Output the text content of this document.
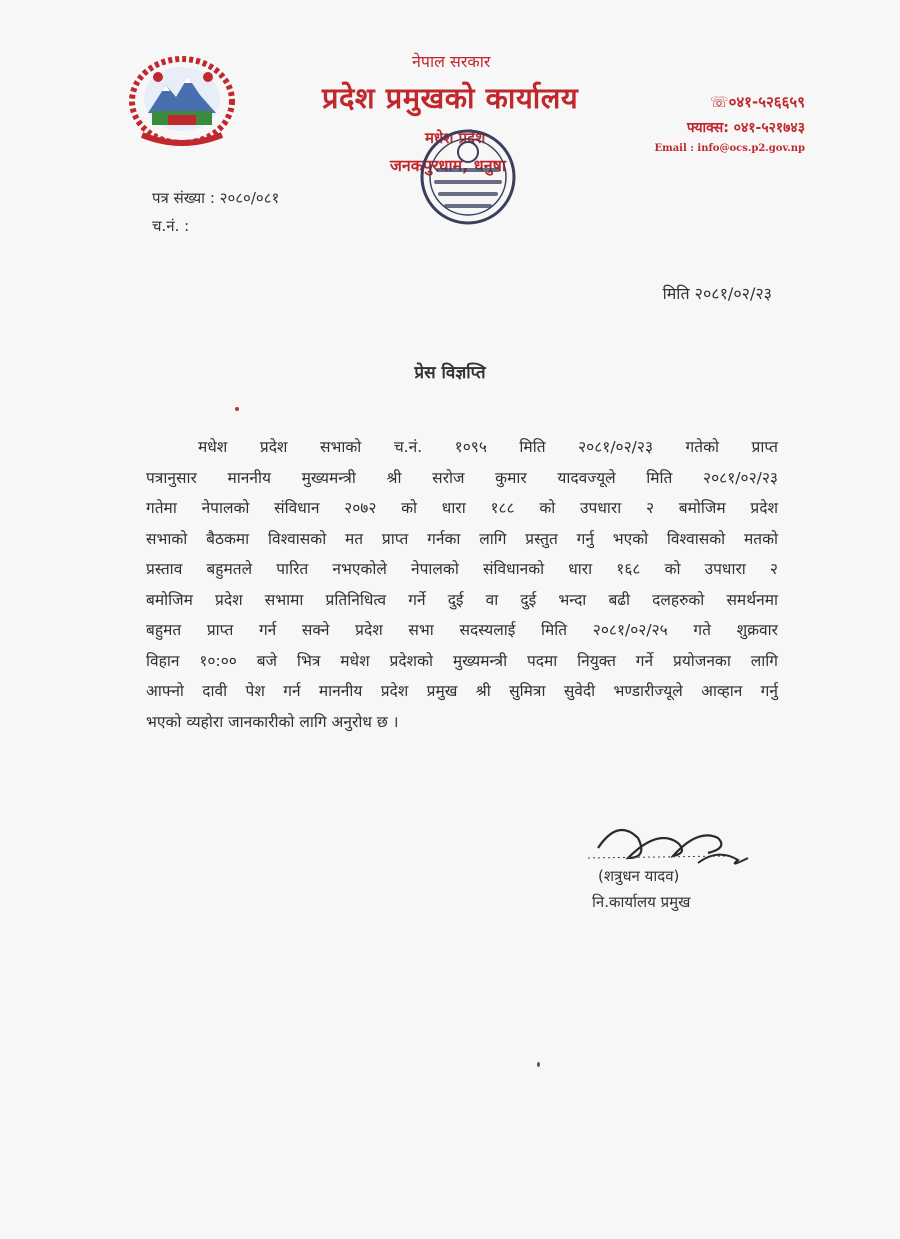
नेपाल सरकार
प्रदेश प्रमुखको कार्यालय
मधेश प्रदेश
जनकपुरधाम, धनुषा
☏०४१-५२६६५९
फ्याक्स: ०४१-५२१७४३
Email : info@ocs.p2.gov.np
पत्र संख्या : २०८०/०८१
च.नं. :
मिति २०८१/०२/२३
प्रेस विज्ञप्ति
मधेश प्रदेश सभाको च.नं. १०९५ मिति २०८१/०२/२३ गतेको प्राप्त
पत्रानुसार माननीय मुख्यमन्त्री श्री सरोज कुमार यादवज्यूले मिति २०८१/०२/२३
गतेमा नेपालको संविधान २०७२ को धारा १८८ को उपधारा २ बमोजिम प्रदेश
सभाको बैठकमा विश्वासको मत प्राप्त गर्नका लागि प्रस्तुत गर्नु भएको विश्वासको मतको
प्रस्ताव बहुमतले पारित नभएकोले नेपालको संविधानको धारा १६८ को उपधारा २
बमोजिम प्रदेश सभामा प्रतिनिधित्व गर्ने दुई वा दुई भन्दा बढी दलहरुको समर्थनमा
बहुमत प्राप्त गर्न सक्ने प्रदेश सभा सदस्यलाई मिति २०८१/०२/२५ गते शुक्रवार
विहान १०:०० बजे भित्र मधेश प्रदेशको मुख्यमन्त्री पदमा नियुक्त गर्ने प्रयोजनका लागि
आफ्नो दावी पेश गर्न माननीय प्रदेश प्रमुख श्री सुमित्रा सुवेदी भण्डारीज्यूले आव्हान गर्नु
भएको व्यहोरा जानकारीको लागि अनुरोध छ ।
(शत्रुधन यादव)
नि.कार्यालय प्रमुख
